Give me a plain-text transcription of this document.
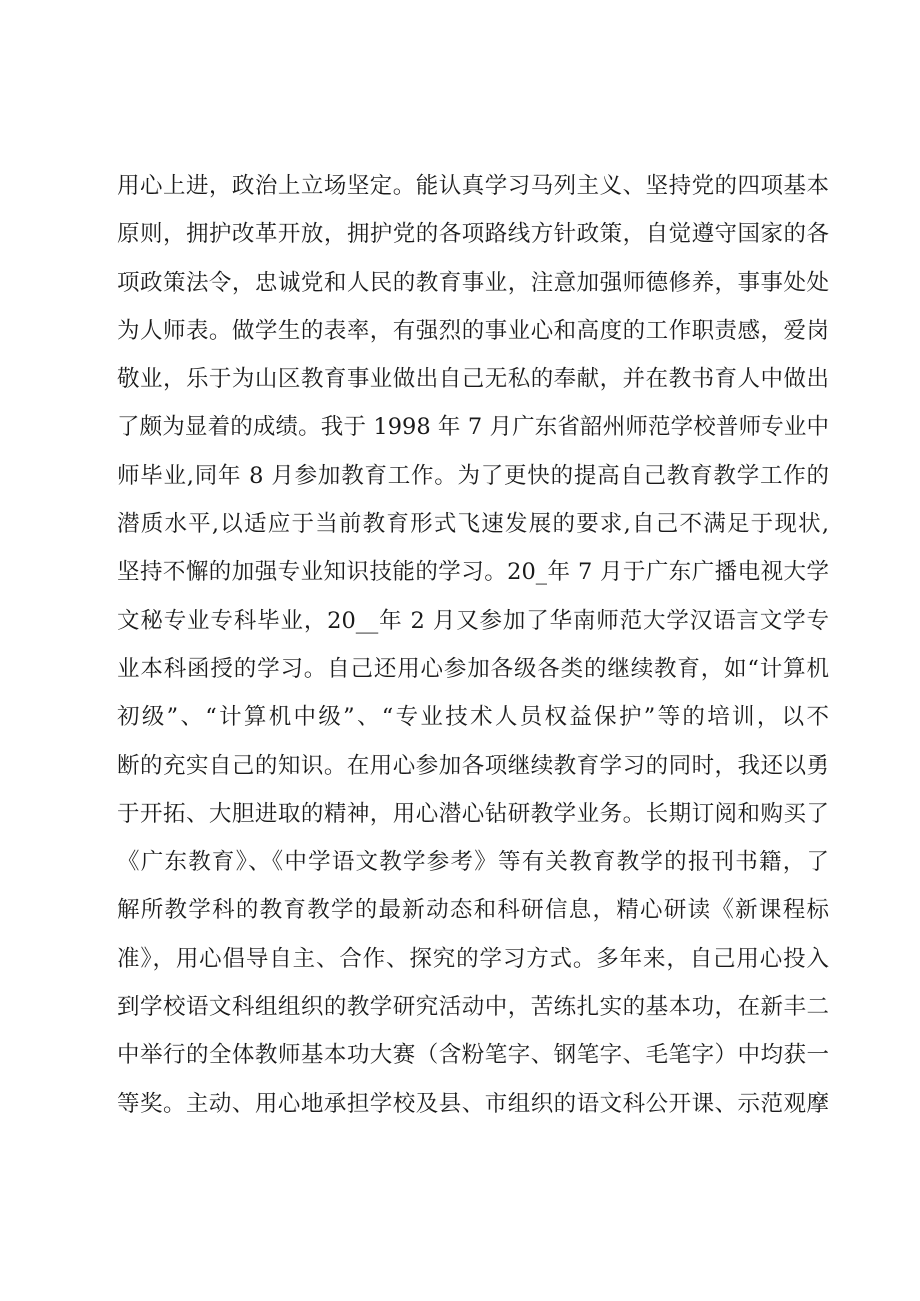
用心上进，政治上立场坚定。能认真学习马列主义、坚持党的四项基本
原则，拥护改革开放，拥护党的各项路线方针政策，自觉遵守国家的各
项政策法令，忠诚党和人民的教育事业，注意加强师德修养，事事处处
为人师表。做学生的表率，有强烈的事业心和高度的工作职责感，爱岗
敬业，乐于为山区教育事业做出自己无私的奉献，并在教书育人中做出
了颇为显着的成绩。我于 1998 年 7 月广东省韶州师范学校普师专业中
师毕业,同年 8 月参加教育工作。为了更快的提高自己教育教学工作的
潜质水平,以适应于当前教育形式飞速发展的要求,自己不满足于现状,
坚持不懈的加强专业知识技能的学习。20_年 7 月于广东广播电视大学
文秘专业专科毕业，20__年 2 月又参加了华南师范大学汉语言文学专
业本科函授的学习。自己还用心参加各级各类的继续教育，如“计算机
初级”、“计算机中级”、“专业技术人员权益保护”等的培训，以不
断的充实自己的知识。在用心参加各项继续教育学习的同时，我还以勇
于开拓、大胆进取的精神，用心潜心钻研教学业务。长期订阅和购买了
《广东教育》、《中学语文教学参考》等有关教育教学的报刊书籍，了
解所教学科的教育教学的最新动态和科研信息，精心研读《新课程标
准》，用心倡导自主、合作、探究的学习方式。多年来，自己用心投入
到学校语文科组组织的教学研究活动中，苦练扎实的基本功，在新丰二
中举行的全体教师基本功大赛（含粉笔字、钢笔字、毛笔字）中均获一
等奖。主动、用心地承担学校及县、市组织的语文科公开课、示范观摩
